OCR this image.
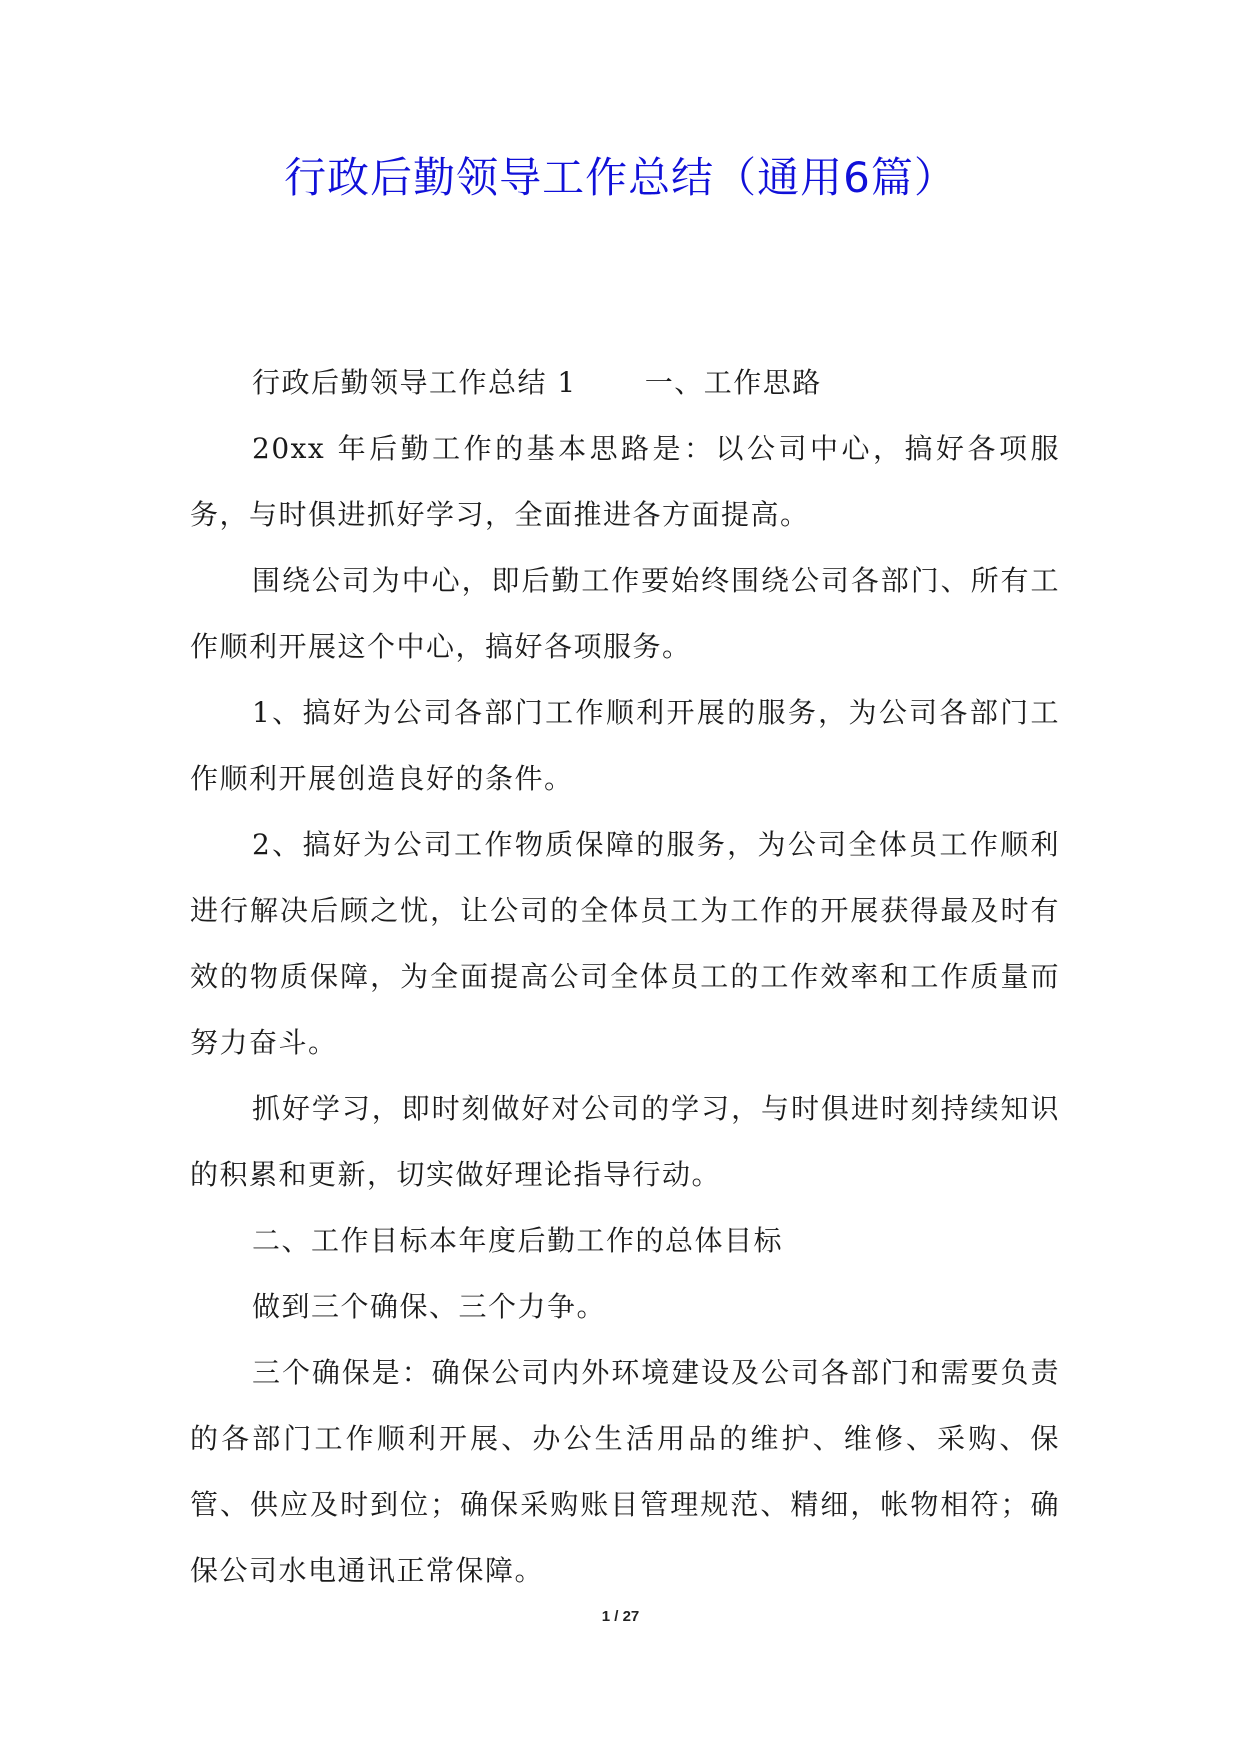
行政后勤领导工作总结（通用6篇）

行政后勤领导工作总结 1 一、工作思路

20xx 年后勤工作的基本思路是：以公司中心，搞好各项服务，与时俱进抓好学习，全面推进各方面提高。

围绕公司为中心，即后勤工作要始终围绕公司各部门、所有工作顺利开展这个中心，搞好各项服务。

1、搞好为公司各部门工作顺利开展的服务，为公司各部门工作顺利开展创造良好的条件。

2、搞好为公司工作物质保障的服务，为公司全体员工作顺利进行解决后顾之忧，让公司的全体员工为工作的开展获得最及时有效的物质保障，为全面提高公司全体员工的工作效率和工作质量而努力奋斗。

抓好学习，即时刻做好对公司的学习，与时俱进时刻持续知识的积累和更新，切实做好理论指导行动。

二、工作目标本年度后勤工作的总体目标

做到三个确保、三个力争。

三个确保是：确保公司内外环境建设及公司各部门和需要负责的各部门工作顺利开展、办公生活用品的维护、维修、采购、保管、供应及时到位；确保采购账目管理规范、精细，帐物相符；确保公司水电通讯正常保障。

1 / 27
